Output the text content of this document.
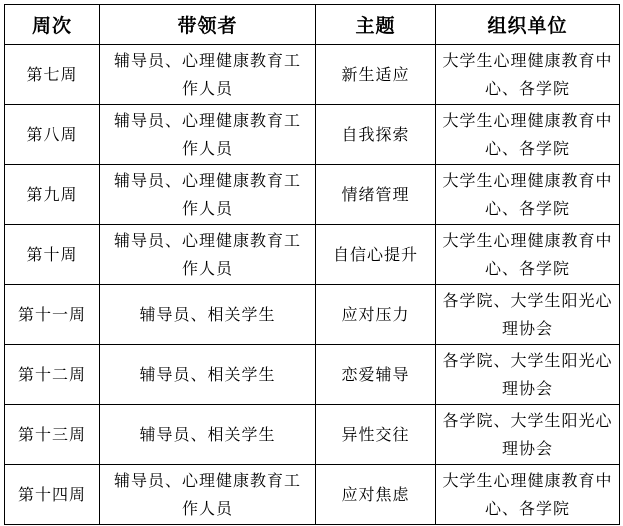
周次	带领者	主题	组织单位
第七周	辅导员、心理健康教育工作人员	新生适应	大学生心理健康教育中心、各学院
第八周	辅导员、心理健康教育工作人员	自我探索	大学生心理健康教育中心、各学院
第九周	辅导员、心理健康教育工作人员	情绪管理	大学生心理健康教育中心、各学院
第十周	辅导员、心理健康教育工作人员	自信心提升	大学生心理健康教育中心、各学院
第十一周	辅导员、相关学生	应对压力	各学院、大学生阳光心理协会
第十二周	辅导员、相关学生	恋爱辅导	各学院、大学生阳光心理协会
第十三周	辅导员、相关学生	异性交往	各学院、大学生阳光心理协会
第十四周	辅导员、心理健康教育工作人员	应对焦虑	大学生心理健康教育中心、各学院
